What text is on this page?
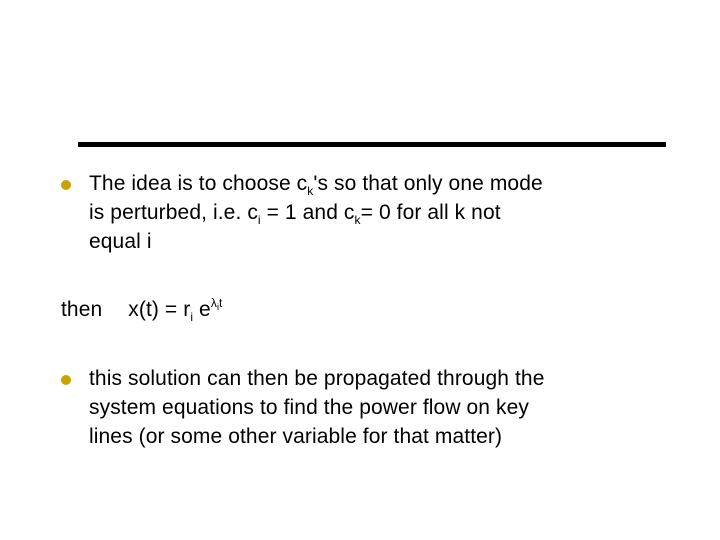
The idea is to choose $c_k's$ so that only one mode
is perturbed, i.e. $c_i = 1$ and $c_k= 0$ for all k not
equal i
then $x(t) = r_i$ $e^{\lambda_it}$
this solution can then be propagated through the
system equations to find the power flow on key
lines (or some other variable for that matter)
